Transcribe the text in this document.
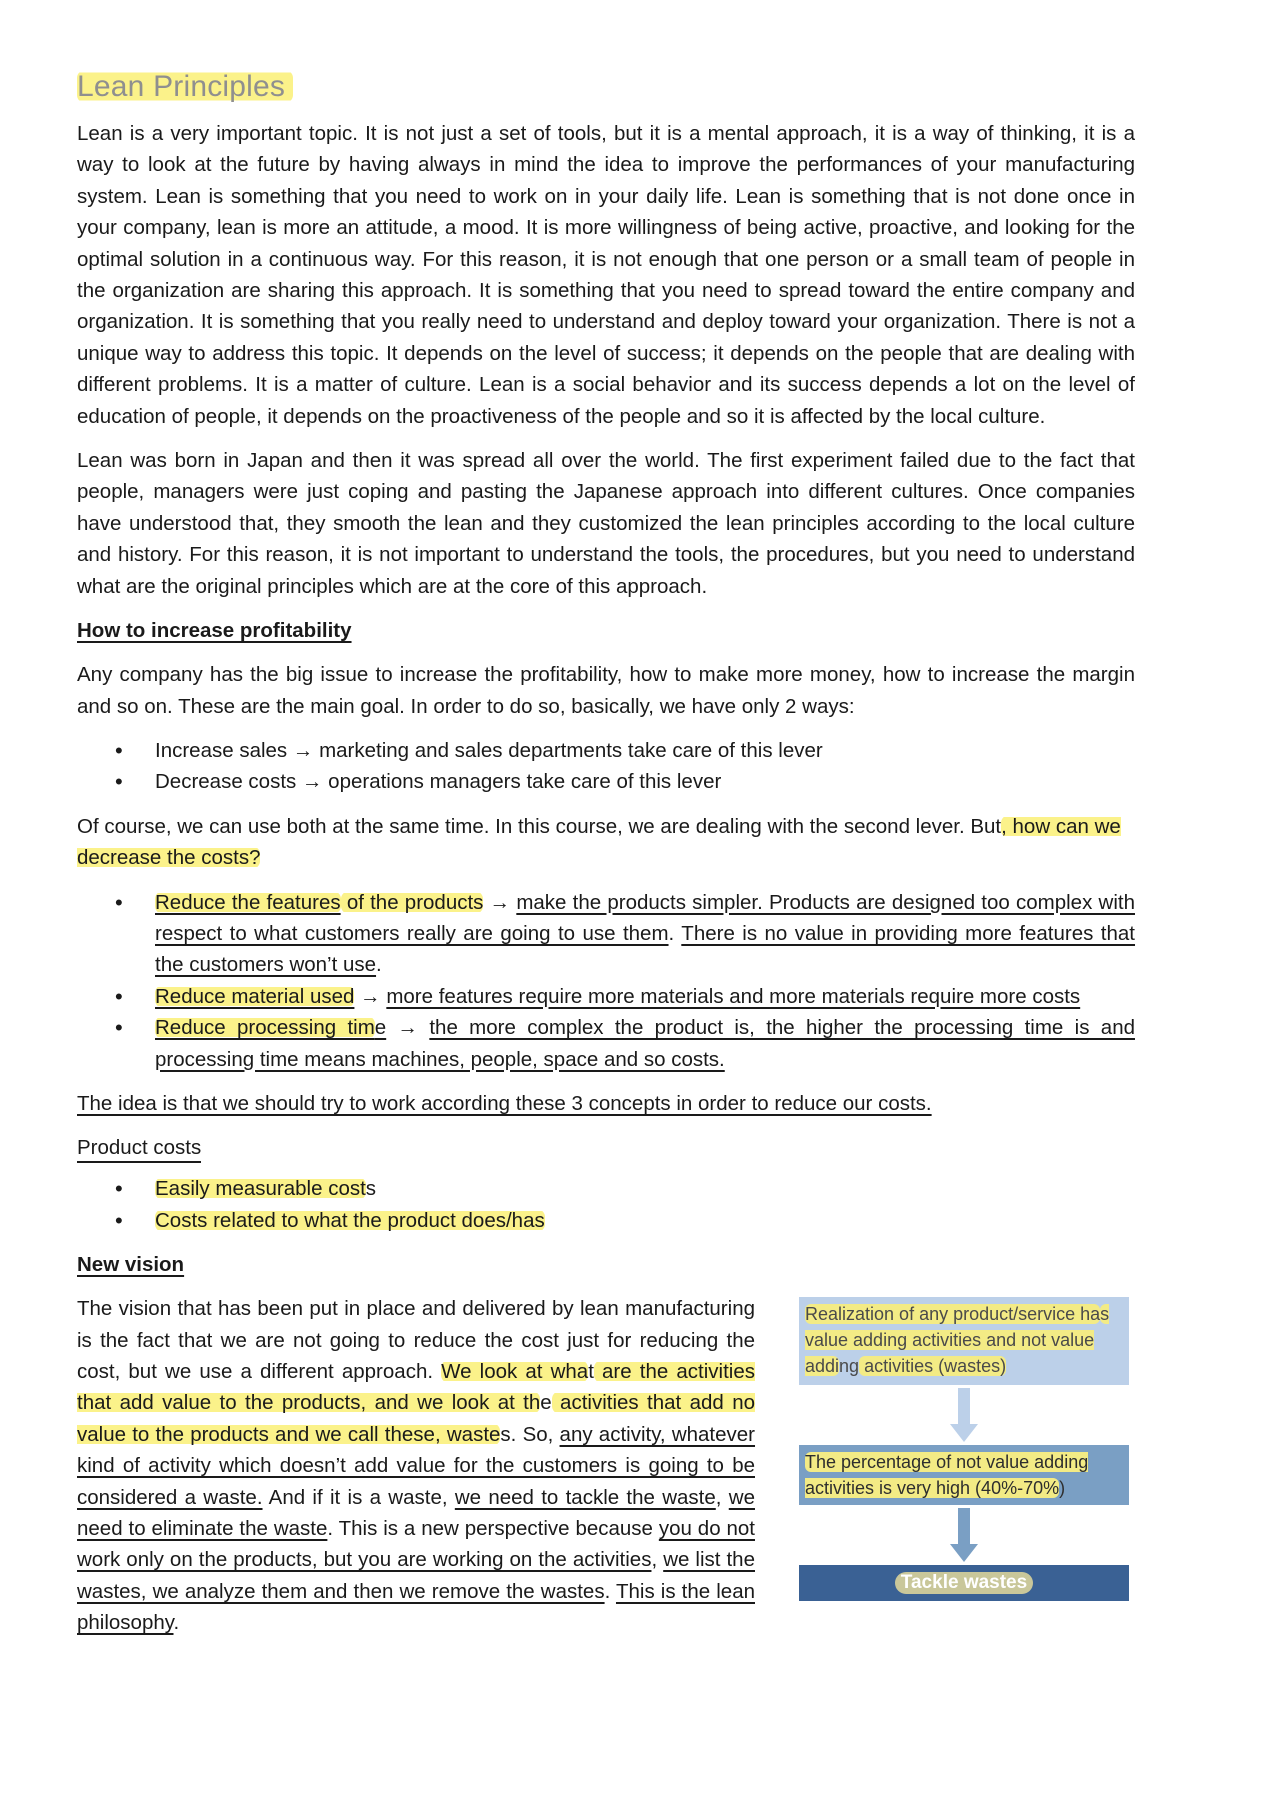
Lean Principles

Lean is a very important topic. It is not just a set of tools, but it is a mental approach, it is a way of thinking, it is a way to look at the future by having always in mind the idea to improve the performances of your manufacturing system. Lean is something that you need to work on in your daily life. Lean is something that is not done once in your company, lean is more an attitude, a mood. It is more willingness of being active, proactive, and looking for the optimal solution in a continuous way. For this reason, it is not enough that one person or a small team of people in the organization are sharing this approach. It is something that you need to spread toward the entire company and organization. It is something that you really need to understand and deploy toward your organization. There is not a unique way to address this topic. It depends on the level of success; it depends on the people that are dealing with different problems. It is a matter of culture. Lean is a social behavior and its success depends a lot on the level of education of people, it depends on the proactiveness of the people and so it is affected by the local culture.

Lean was born in Japan and then it was spread all over the world. The first experiment failed due to the fact that people, managers were just coping and pasting the Japanese approach into different cultures. Once companies have understood that, they smooth the lean and they customized the lean principles according to the local culture and history. For this reason, it is not important to understand the tools, the procedures, but you need to understand what are the original principles which are at the core of this approach.

How to increase profitability

Any company has the big issue to increase the profitability, how to make more money, how to increase the margin and so on. These are the main goal. In order to do so, basically, we have only 2 ways:

• Increase sales → marketing and sales departments take care of this lever
• Decrease costs → operations managers take care of this lever

Of course, we can use both at the same time. In this course, we are dealing with the second lever. But, how can we decrease the costs?

• Reduce the features of the products → make the products simpler. Products are designed too complex with respect to what customers really are going to use them. There is no value in providing more features that the customers won’t use.
• Reduce material used → more features require more materials and more materials require more costs
• Reduce processing time → the more complex the product is, the higher the processing time is and processing time means machines, people, space and so costs.

The idea is that we should try to work according these 3 concepts in order to reduce our costs.

Product costs
• Easily measurable costs
• Costs related to what the product does/has
New vision

The vision that has been put in place and delivered by lean manufacturing is the fact that we are not going to reduce the cost just for reducing the cost, but we use a different approach. We look at what are the activities that add value to the products, and we look at the activities that add no value to the products and we call these, wastes. So, any activity, whatever kind of activity which doesn’t add value for the customers is going to be considered a waste. And if it is a waste, we need to tackle the waste, we need to eliminate the waste. This is a new perspective because you do not work only on the products, but you are working on the activities, we list the wastes, we analyze them and then we remove the wastes. This is the lean philosophy.

Realization of any product/service has value adding activities and not value adding activities (wastes)
The percentage of not value adding activities is very high (40%-70%)
Tackle wastes
